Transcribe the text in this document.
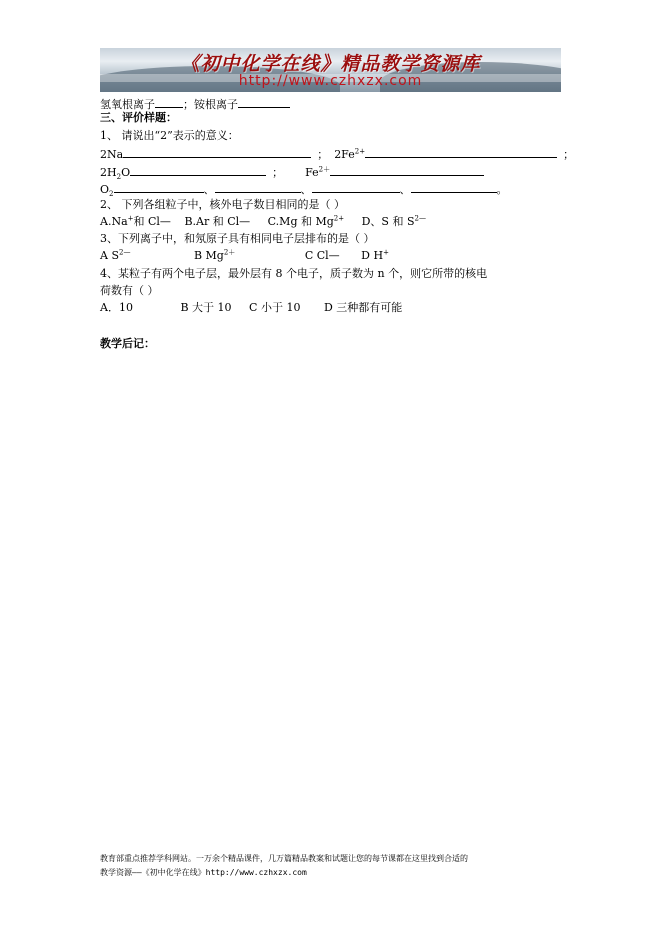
《初中化学在线》精品教学资源库
http://www.czhxzx.com
氢氧根离子	；铵根离子
三、评价样题：
1、 请说出“2”表示的意义：
2Na	； $2Fe^{2+}$	；
$2H_2O$	； $Fe^{2+}$
$O_2$	、	、	、	。
2、 下列各组粒子中，核外电子数目相同的是（ ）
A.Na+和 Cl— B.Ar 和 Cl— C.Mg 和 $Mg^{2+}$ D、S 和 $S^{2—}$
3、下列离子中，和氖原子具有相同电子层排布的是（ ）
A $S^{2—}$	B $Mg^{2+}$	C Cl— D H+
4、某粒子有两个电子层，最外层有 8 个电子，质子数为 n 个，则它所带的核电
荷数有（ ）
A．10	B 大于 10 C 小于 10 D 三种都有可能
教学后记：
教育部重点推荐学科网站。一万余个精品课件，几万篇精品教案和试题让您的每节课都在这里找到合适的
教学资源——《初中化学在线》http://www.czhxzx.com
